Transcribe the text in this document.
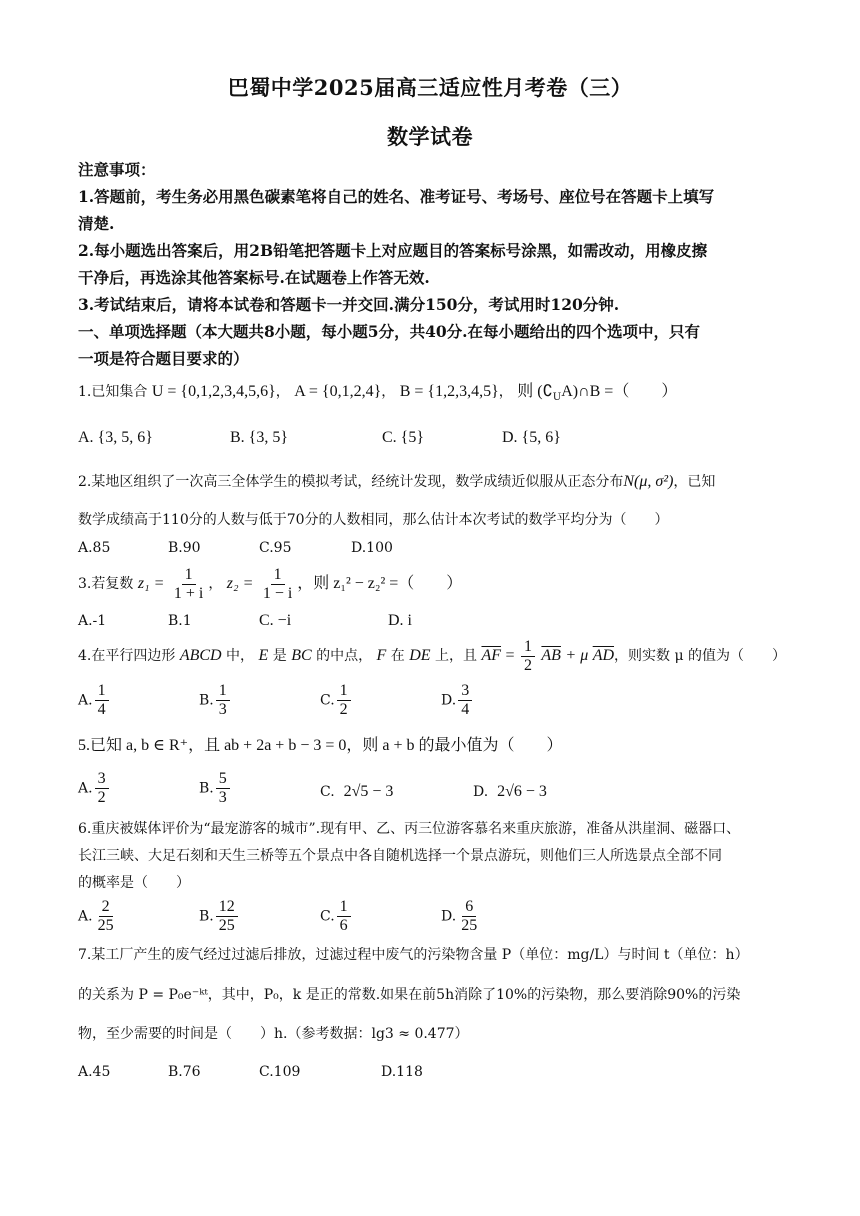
巴蜀中学2025届高三适应性月考卷（三）
数学试卷
注意事项：
1.答题前，考生务必用黑色碳素笔将自己的姓名、准考证号、考场号、座位号在答题卡上填写
清楚.
2.每小题选出答案后，用2B铅笔把答题卡上对应题目的答案标号涂黑，如需改动，用橡皮擦
干净后，再选涂其他答案标号.在试题卷上作答无效.
3.考试结束后，请将本试卷和答题卡一并交回.满分150分，考试用时120分钟.
一、单项选择题（本大题共8小题，每小题5分，共40分.在每小题给出的四个选项中，只有
一项是符合题目要求的）
1.已知集合 U = {0,1,2,3,4,5,6}， A = {0,1,2,4}， B = {1,2,3,4,5}， 则 $(∁_UA)\cap B$ =（　　）
A. {3, 5, 6}	B. {3, 5}	C. {5}	D. {5, 6}
2.某地区组织了一次高三全体学生的模拟考试，经统计发现，数学成绩近似服从正态分布N(μ, σ²)，已知
数学成绩高于110分的人数与低于70分的人数相同，那么估计本次考试的数学平均分为（　　）
A.85	B.90	C.95	D.100
3.若复数 $z_1 = \frac{1}{1 + i}$ ， $z_2 = \frac{1}{1 - i}$ ，则 z₁² − z₂² =（　　）
A.-1	B.1	C. −i	D. i
4.在平行四边形 ABCD 中， E 是 BC 的中点， F 在 DE 上，且 $\overline{AF} = \frac{1}{2} \overline{AB} + \mu$ $\overline{AD}$，则实数 μ 的值为（　　）
A. $\frac{1}{4}$	B. $\frac{1}{3}$	C. $\frac{1}{2}$	D. $\frac{3}{4}$
5.已知 a, b ∈ R⁺，且 ab + 2a + b − 3 = 0，则 a + b 的最小值为（　　）
A. $\frac{3}{2}$	B. $\frac{5}{3}$	C. 2√5 − 3	D. 2√6 − 3
6.重庆被媒体评价为“最宠游客的城市”.现有甲、乙、丙三位游客慕名来重庆旅游，准备从洪崖洞、磁器口、
长江三峡、大足石刻和天生三桥等五个景点中各自随机选择一个景点游玩，则他们三人所选景点全部不同
的概率是（　　）
A. $\frac{2}{25}$	B. $\frac{12}{25}$	C. $\frac{1}{6}$	D. $\frac{6}{25}$
7.某工厂产生的废气经过过滤后排放，过滤过程中废气的污染物含量 P（单位：mg/L）与时间 t（单位：h）
的关系为 P = P₀e⁻ᵏᵗ，其中，P₀，k 是正的常数.如果在前5h消除了10%的污染物，那么要消除90%的污染
物，至少需要的时间是（　　）h.（参考数据：lg3 ≈ 0.477）
A.45	B.76	C.109	D.118
